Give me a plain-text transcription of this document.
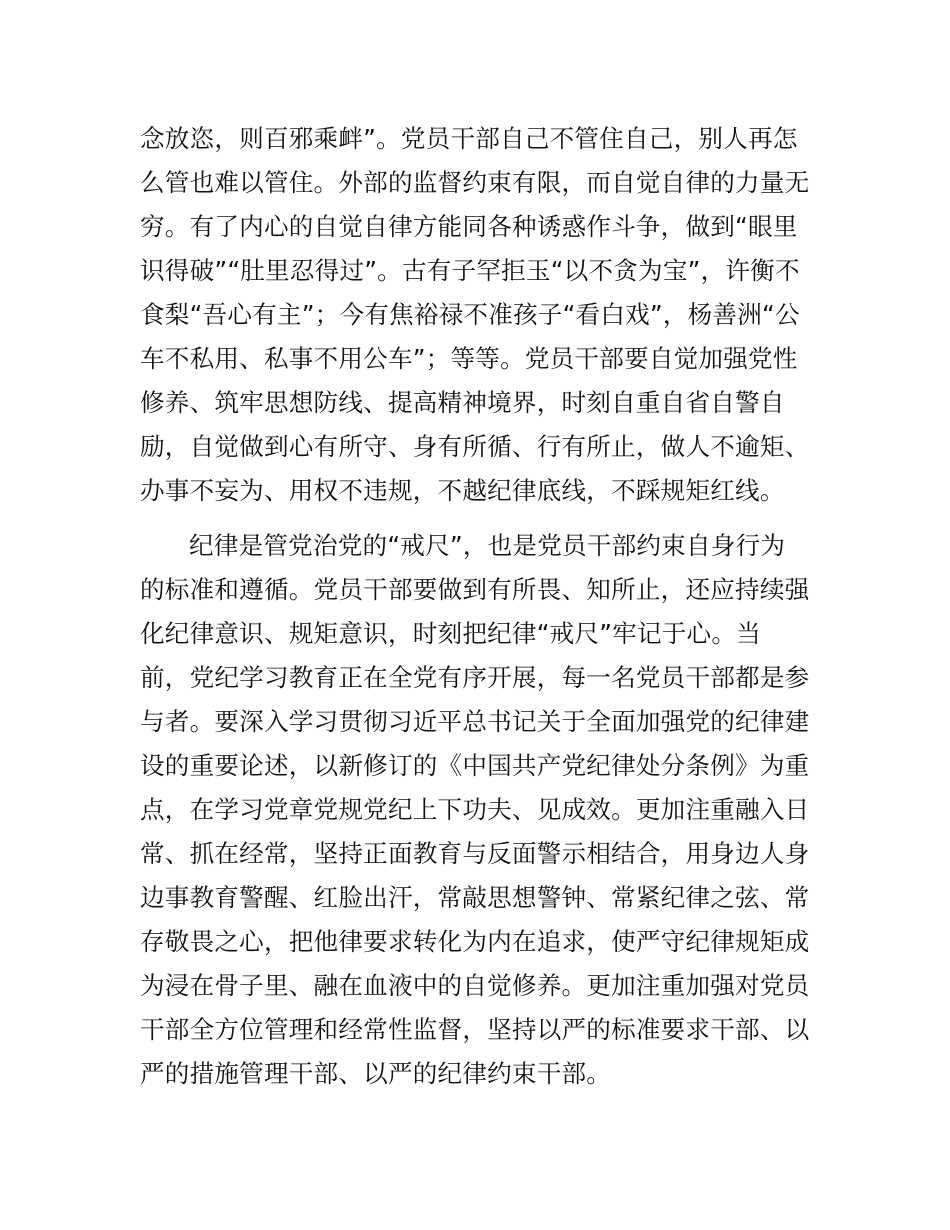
念放恣，则百邪乘衅”。党员干部自己不管住自己，别人再怎
么管也难以管住。外部的监督约束有限，而自觉自律的力量无
穷。有了内心的自觉自律方能同各种诱惑作斗争，做到“眼里
识得破”“肚里忍得过”。古有子罕拒玉“以不贪为宝”，许衡不
食梨“吾心有主”；今有焦裕禄不准孩子“看白戏”，杨善洲“公
车不私用、私事不用公车”；等等。党员干部要自觉加强党性
修养、筑牢思想防线、提高精神境界，时刻自重自省自警自
励，自觉做到心有所守、身有所循、行有所止，做人不逾矩、
办事不妄为、用权不违规，不越纪律底线，不踩规矩红线。
纪律是管党治党的“戒尺”，也是党员干部约束自身行为
的标准和遵循。党员干部要做到有所畏、知所止，还应持续强
化纪律意识、规矩意识，时刻把纪律“戒尺”牢记于心。当
前，党纪学习教育正在全党有序开展，每一名党员干部都是参
与者。要深入学习贯彻习近平总书记关于全面加强党的纪律建
设的重要论述，以新修订的《中国共产党纪律处分条例》为重
点，在学习党章党规党纪上下功夫、见成效。更加注重融入日
常、抓在经常，坚持正面教育与反面警示相结合，用身边人身
边事教育警醒、红脸出汗，常敲思想警钟、常紧纪律之弦、常
存敬畏之心，把他律要求转化为内在追求，使严守纪律规矩成
为浸在骨子里、融在血液中的自觉修养。更加注重加强对党员
干部全方位管理和经常性监督，坚持以严的标准要求干部、以
严的措施管理干部、以严的纪律约束干部。
